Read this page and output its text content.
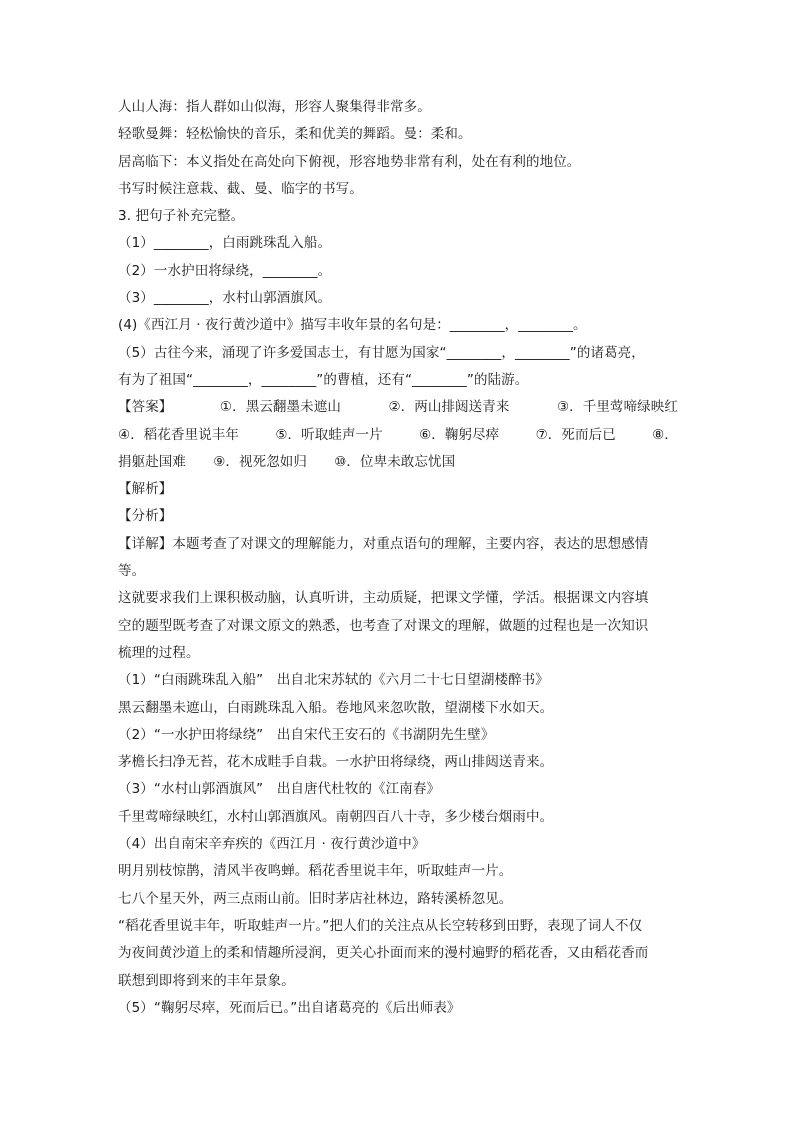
人山人海：指人群如山似海，形容人聚集得非常多。
轻歌曼舞：轻松愉快的音乐，柔和优美的舞蹈。曼：柔和。
居高临下：本义指处在高处向下俯视，形容地势非常有利，处在有利的地位。
书写时候注意栽、截、曼、临字的书写。
3. 把句子补充完整。
（1）________，白雨跳珠乱入船。
（2）一水护田将绿绕，________。
（3）________，水村山郭酒旗风。
(4)《西江月 · 夜行黄沙道中》描写丰收年景的名句是：________，________。
（5）古往今来，涌现了许多爱国志士，有甘愿为国家“________，________”的诸葛亮，
有为了祖国“________，________”的曹植，还有“________”的陆游。
【答案】	①．黑云翻墨未遮山	②．两山排闼送青来	③．千里莺啼绿映红
④．稻花香里说丰年	⑤．听取蛙声一片	⑥．鞠躬尽瘁	⑦．死而后已	⑧．
捐躯赴国难　　⑨．视死忽如归　　⑩．位卑未敢忘忧国
【解析】
【分析】
【详解】本题考查了对课文的理解能力，对重点语句的理解，主要内容，表达的思想感情
等。
这就要求我们上课积极动脑，认真听讲，主动质疑，把课文学懂，学活。根据课文内容填
空的题型既考查了对课文原文的熟悉，也考查了对课文的理解，做题的过程也是一次知识
梳理的过程。
（1）“白雨跳珠乱入船”　出自北宋苏轼的《六月二十七日望湖楼醉书》
黑云翻墨未遮山，白雨跳珠乱入船。卷地风来忽吹散，望湖楼下水如天。
（2）“一水护田将绿绕”　出自宋代王安石的《书湖阴先生壁》
茅檐长扫净无苔，花木成畦手自栽。一水护田将绿绕，两山排闼送青来。
（3）“水村山郭酒旗风”　出自唐代杜牧的《江南春》
千里莺啼绿映红，水村山郭酒旗风。南朝四百八十寺，多少楼台烟雨中。
（4）出自南宋辛弃疾的《西江月 · 夜行黄沙道中》
明月别枝惊鹊，清风半夜鸣蝉。稻花香里说丰年，听取蛙声一片。
七八个星天外，两三点雨山前。旧时茅店社林边，路转溪桥忽见。
“稻花香里说丰年，听取蛙声一片。”把人们的关注点从长空转移到田野，表现了词人不仅
为夜间黄沙道上的柔和情趣所浸润，更关心扑面而来的漫村遍野的稻花香，又由稻花香而
联想到即将到来的丰年景象。
（5）“鞠躬尽瘁，死而后已。”出自诸葛亮的《后出师表》
